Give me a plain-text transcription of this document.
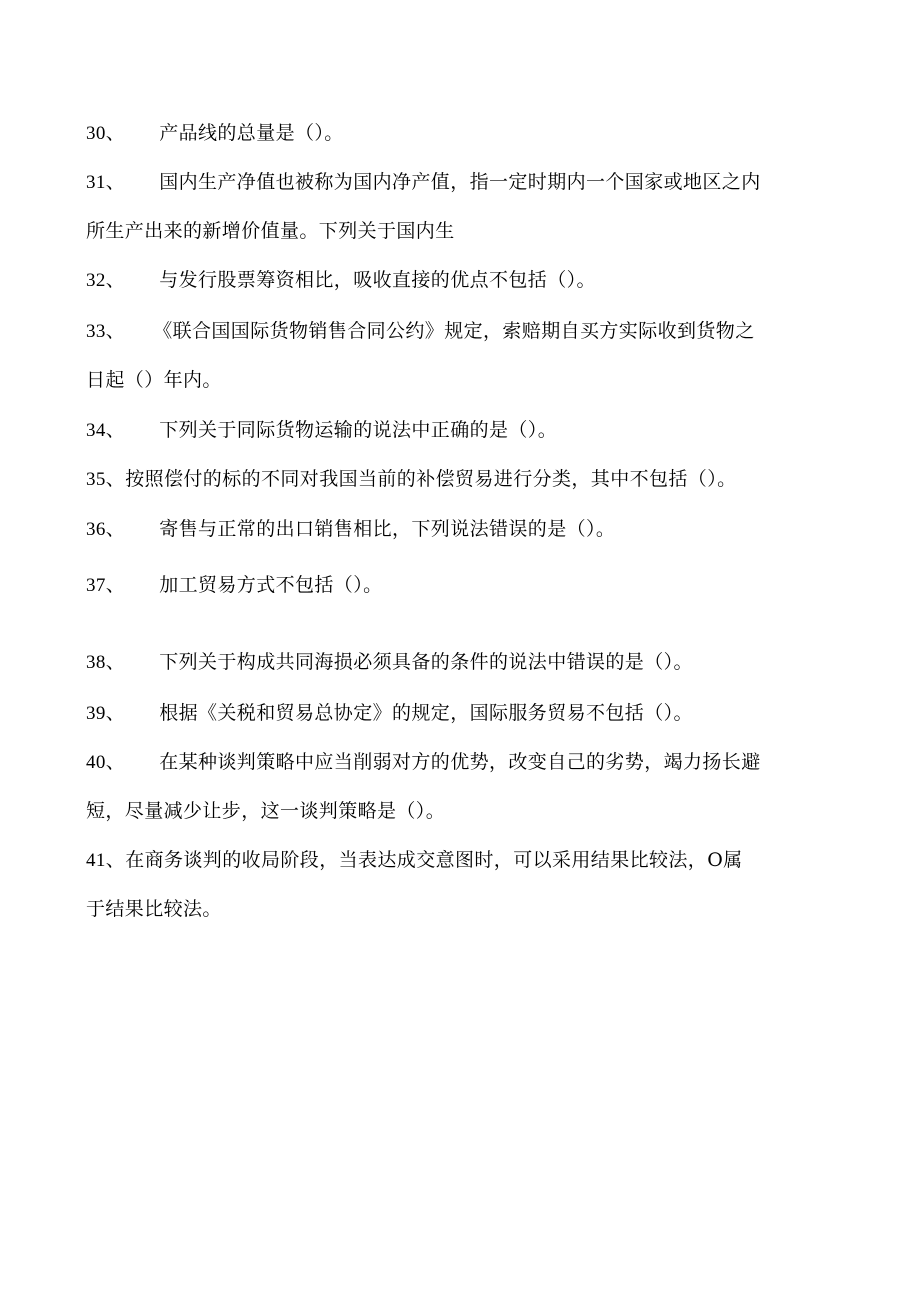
30、 产品线的总量是（）。
31、 国内生产净值也被称为国内净产值，指一定时期内一个国家或地区之内
所生产出来的新增价值量。下列关于国内生
32、 与发行股票筹资相比，吸收直接的优点不包括（）。
33、 《联合国国际货物销售合同公约》规定，索赔期自买方实际收到货物之
日起（）年内。
34、 下列关于同际货物运输的说法中正确的是（）。
35、按照偿付的标的不同对我国当前的补偿贸易进行分类，其中不包括（）。
36、 寄售与正常的出口销售相比，下列说法错误的是（）。
37、 加工贸易方式不包括（）。
38、 下列关于构成共同海损必须具备的条件的说法中错误的是（）。
39、 根据《关税和贸易总协定》的规定，国际服务贸易不包括（）。
40、 在某种谈判策略中应当削弱对方的优势，改变自己的劣势，竭力扬长避
短，尽量减少让步，这一谈判策略是（）。
41、在商务谈判的收局阶段，当表达成交意图时，可以采用结果比较法，O属
于结果比较法。
